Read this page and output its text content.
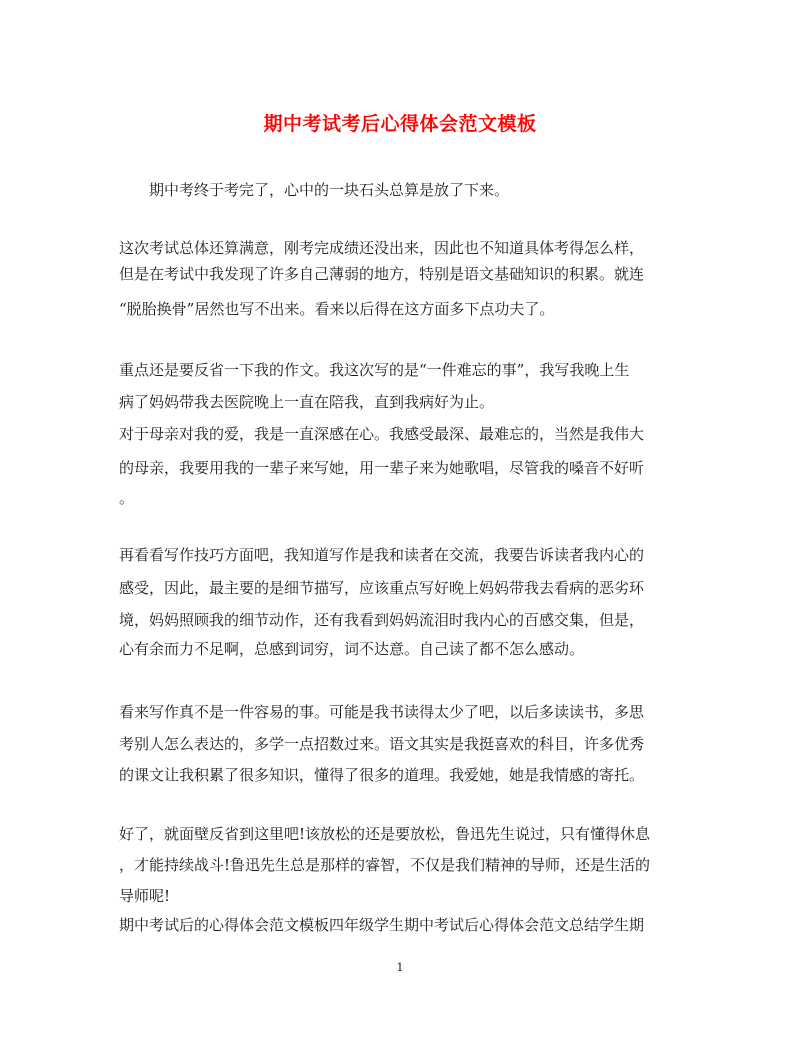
期中考试考后心得体会范文模板
　　期中考终于考完了，心中的一块石头总算是放了下来。
这次考试总体还算满意，刚考完成绩还没出来，因此也不知道具体考得怎么样，
但是在考试中我发现了许多自己薄弱的地方，特别是语文基础知识的积累。就连
“脱胎换骨”居然也写不出来。看来以后得在这方面多下点功夫了。
重点还是要反省一下我的作文。我这次写的是“一件难忘的事”，我写我晚上生
病了妈妈带我去医院晚上一直在陪我，直到我病好为止。
对于母亲对我的爱，我是一直深感在心。我感受最深、最难忘的，当然是我伟大
的母亲，我要用我的一辈子来写她，用一辈子来为她歌唱，尽管我的嗓音不好听
。
再看看写作技巧方面吧，我知道写作是我和读者在交流，我要告诉读者我内心的
感受，因此，最主要的是细节描写，应该重点写好晚上妈妈带我去看病的恶劣环
境，妈妈照顾我的细节动作，还有我看到妈妈流泪时我内心的百感交集，但是，
心有余而力不足啊，总感到词穷，词不达意。自己读了都不怎么感动。
看来写作真不是一件容易的事。可能是我书读得太少了吧，以后多读读书，多思
考别人怎么表达的，多学一点招数过来。语文其实是我挺喜欢的科目，许多优秀
的课文让我积累了很多知识，懂得了很多的道理。我爱她，她是我情感的寄托。
好了，就面壁反省到这里吧!该放松的还是要放松，鲁迅先生说过，只有懂得休息
，才能持续战斗!鲁迅先生总是那样的睿智，不仅是我们精神的导师，还是生活的
导师呢!
期中考试后的心得体会范文模板四年级学生期中考试后心得体会范文总结学生期
1
